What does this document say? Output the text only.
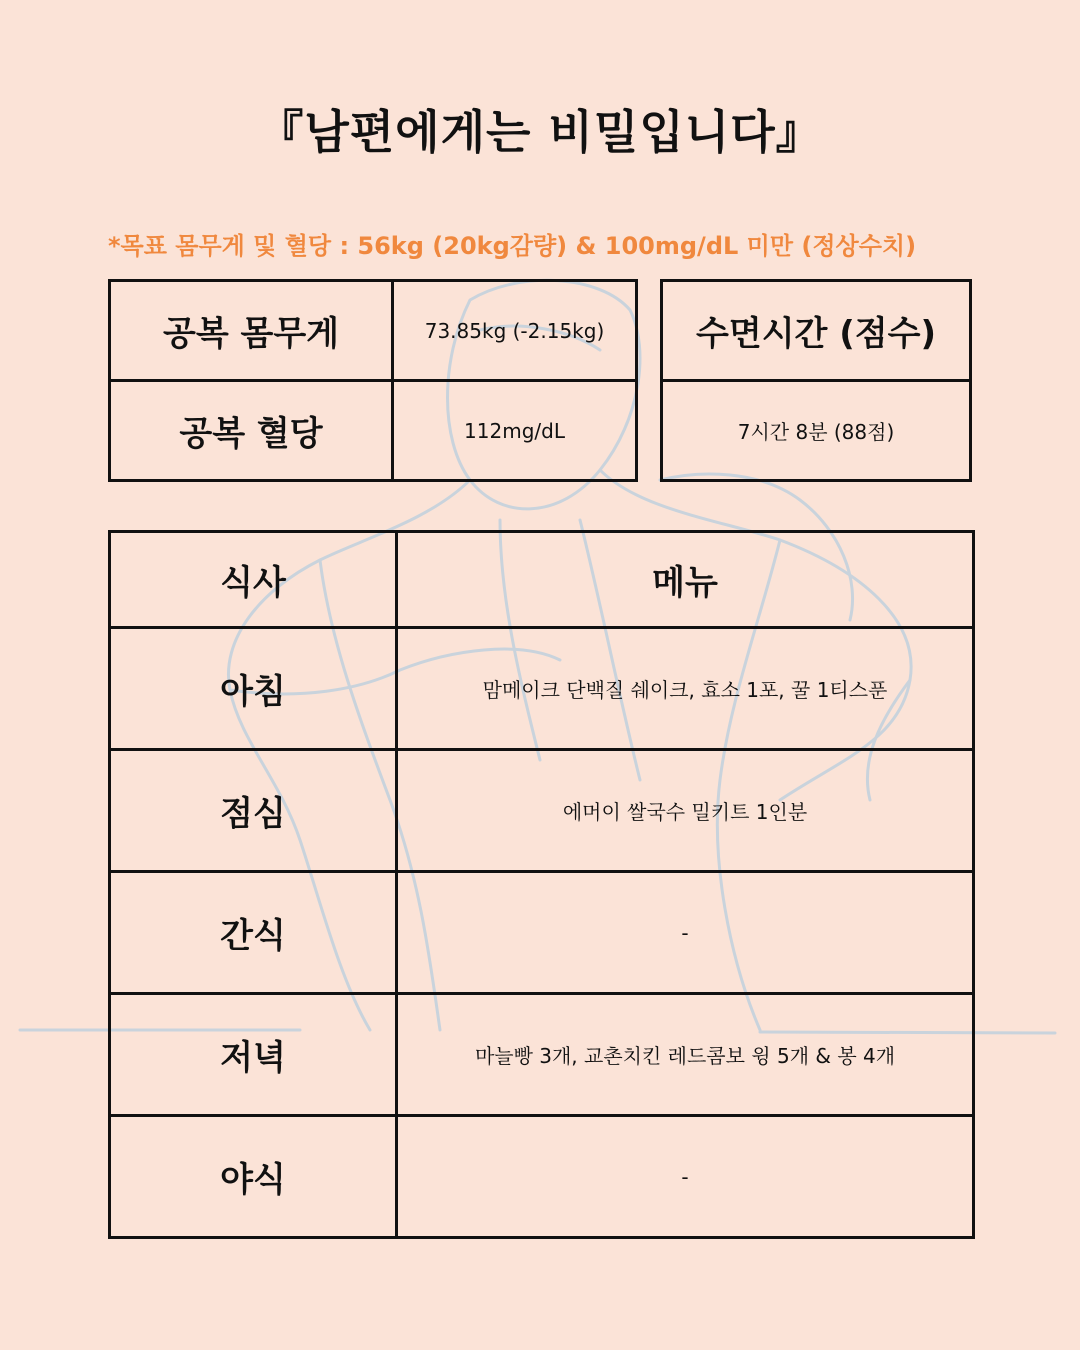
『남편에게는 비밀입니다』
*목표 몸무게 및 혈당 : 56kg (20kg감량) & 100mg/dL 미만 (정상수치)
공복 몸무게	73.85kg (-2.15kg)
공복 혈당	112mg/dL
수면시간 (점수)
7시간 8분 (88점)
식사	메뉴
아침	맘메이크 단백질 쉐이크, 효소 1포, 꿀 1티스푼
점심	에머이 쌀국수 밀키트 1인분
간식	-
저녁	마늘빵 3개, 교촌치킨 레드콤보 윙 5개 & 봉 4개
야식	-
